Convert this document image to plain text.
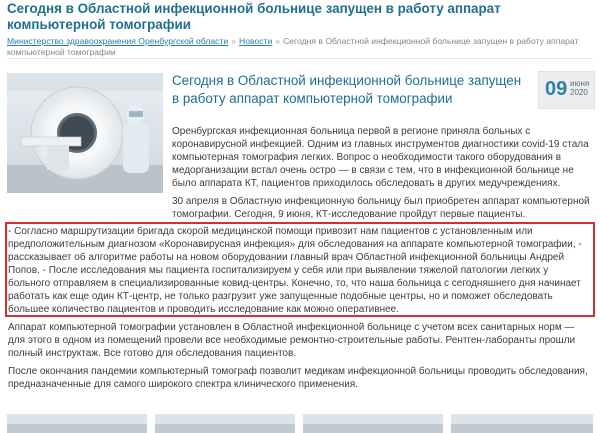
Сегодня в Областной инфекционной больнице запущен в работу аппарат компьютерной томографии
Министерство здравоохранения Оренбургской области » Новости » Сегодня в Областной инфекционной больнице запущен в работу аппарат компьютерной томографии
Сегодня в Областной инфекционной больнице запущен в работу аппарат компьютерной томографии	09 июня
2020
Оренбургская инфекционная больница первой в регионе приняла больных с коронавирусной инфекцией. Одним из главных инструментов диагностики covid-19 стала компьютерная томография легких. Вопрос о необходимости такого оборудования в медорганизации встал очень остро — в связи с тем, что в инфекционной больнице не было аппарата КТ, пациентов приходилось обследовать в других медучреждениях.
30 апреля в Областную инфекционную больницу был приобретен аппарат компьютерной томографии. Сегодня, 9 июня, КТ-исследование пройдут первые пациенты.
- Согласно маршрутизации бригада скорой медицинской помощи привозит нам пациентов с установленным или предположительным диагнозом «Коронавирусная инфекция» для обследования на аппарате компьютерной томографии, - рассказывает об алгоритме работы на новом оборудовании главный врач Областной инфекционной больницы Андрей Попов. - После исследования мы пациента госпитализируем у себя или при выявлении тяжелой патологии легких у больного отправляем в специализированные ковид-центры. Конечно, то, что наша больница с сегодняшнего дня начинает работать как еще один КТ-центр, не только разгрузит уже запущенные подобные центры, но и поможет обследовать большее количество пациентов и проводить исследование как можно оперативнее.
Аппарат компьютерной томографии установлен в Областной инфекционной больнице с учетом всех санитарных норм — для этого в одном из помещений провели все необходимые ремонтно-строительные работы. Рентген-лаборанты прошли полный инструктаж. Все готово для обследования пациентов.
После окончания пандемии компьютерный томограф позволит медикам инфекционной больницы проводить обследования, предназначенные для самого широкого спектра клинического применения.
